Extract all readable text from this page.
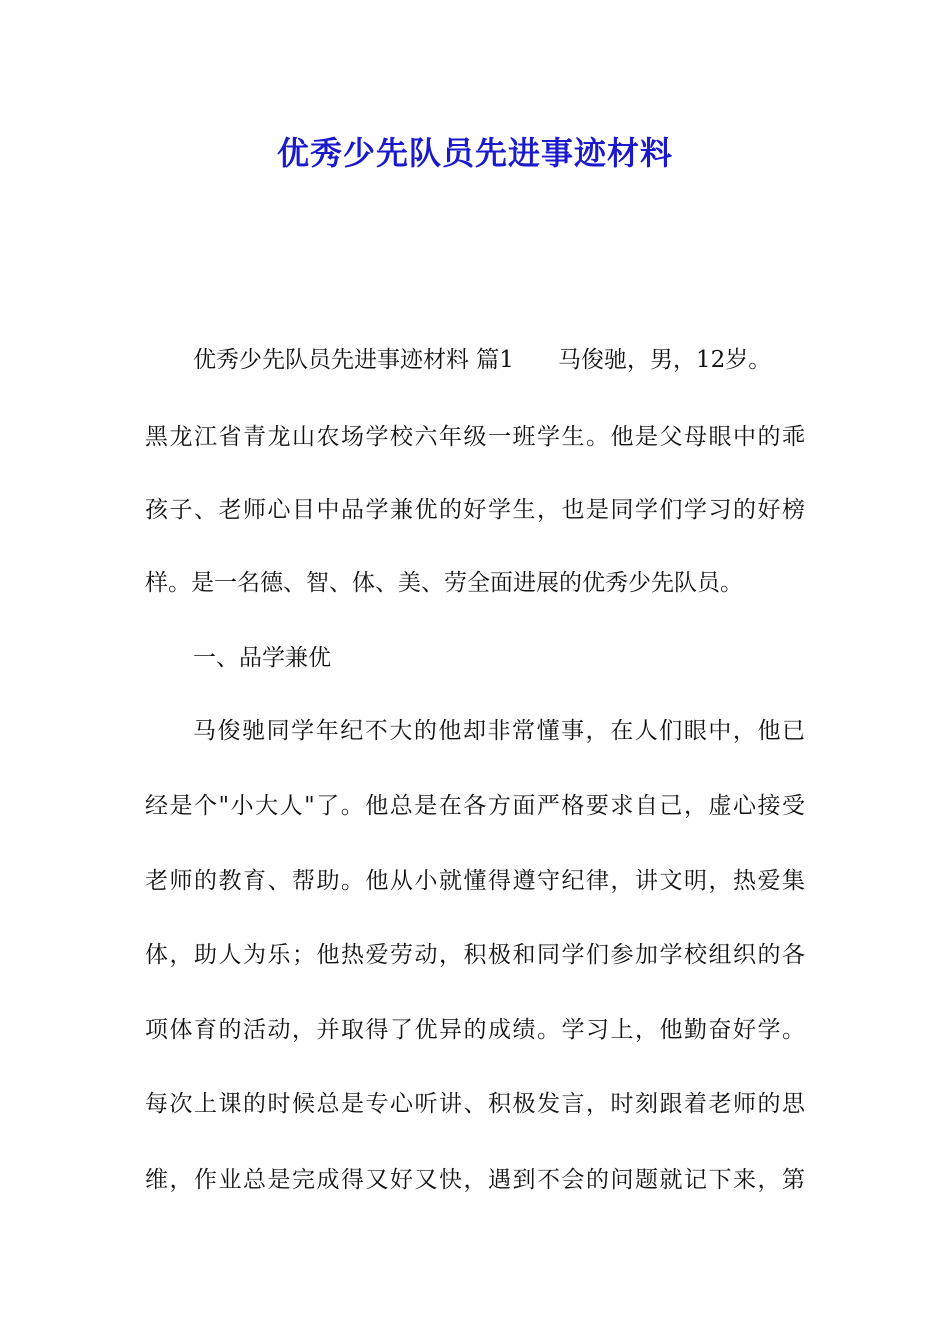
优秀少先队员先进事迹材料
优秀少先队员先进事迹材料 篇1 马俊驰，男，12岁。
黑龙江省青龙山农场学校六年级一班学生。他是父母眼中的乖
孩子、老师心目中品学兼优的好学生，也是同学们学习的好榜
样。是一名德、智、体、美、劳全面进展的优秀少先队员。
一、品学兼优
马俊驰同学年纪不大的他却非常懂事，在人们眼中，他已
经是个"小大人"了。他总是在各方面严格要求自己，虚心接受
老师的教育、帮助。他从小就懂得遵守纪律，讲文明，热爱集
体，助人为乐；他热爱劳动，积极和同学们参加学校组织的各
项体育的活动，并取得了优异的成绩。学习上，他勤奋好学。
每次上课的时候总是专心听讲、积极发言，时刻跟着老师的思
维，作业总是完成得又好又快，遇到不会的问题就记下来，第
